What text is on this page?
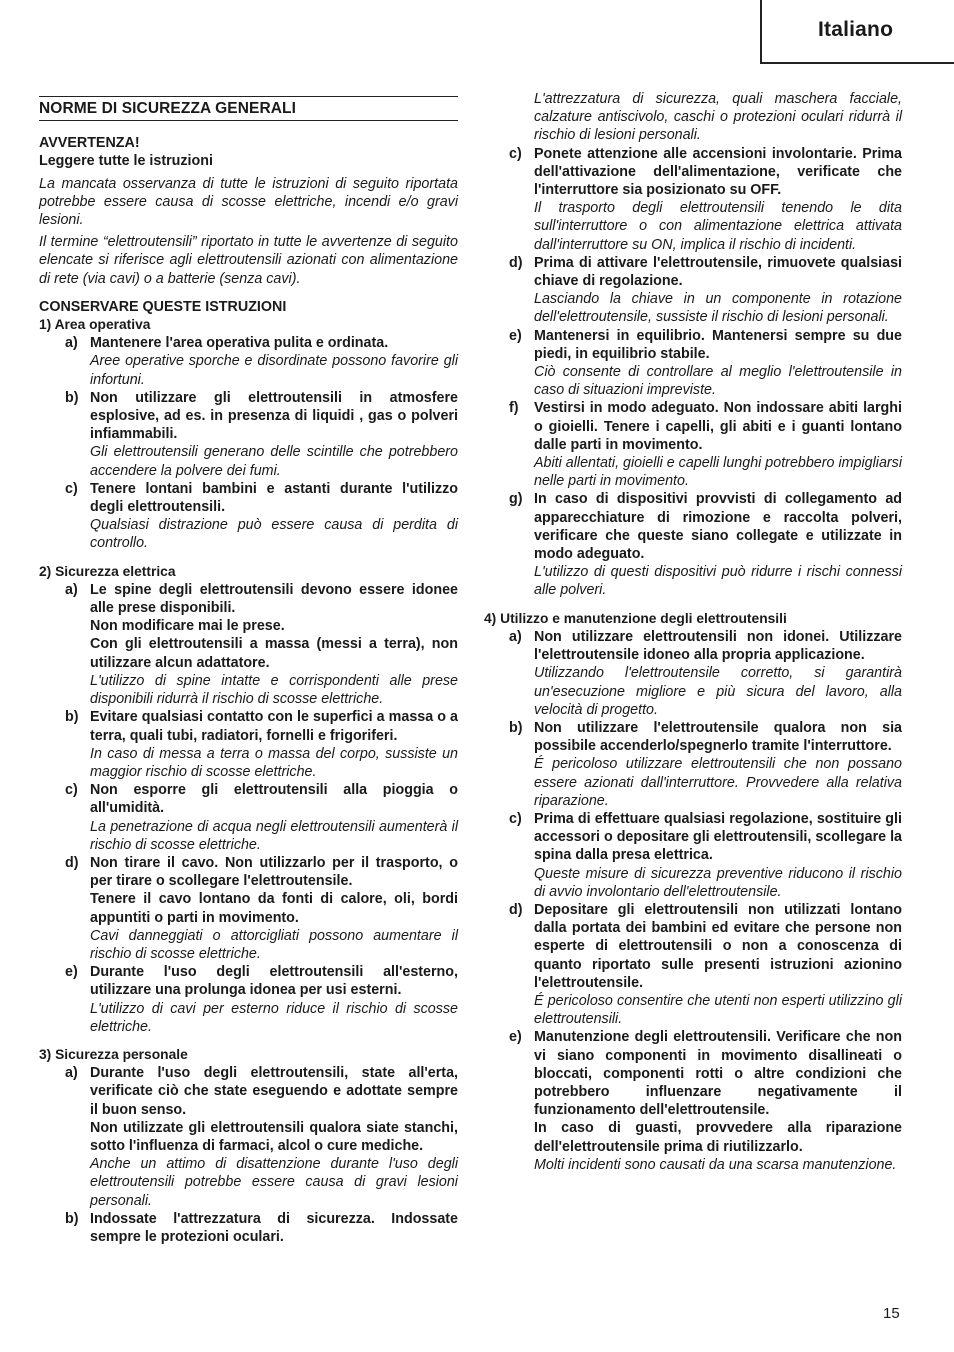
Italiano
NORME DI SICUREZZA GENERALI

AVVERTENZA!

Leggere tutte le istruzioni

La mancata osservanza di tutte le istruzioni di seguito riportata potrebbe essere causa di scosse elettriche, incendi e/o gravi lesioni.

Il termine “elettroutensili” riportato in tutte le avvertenze di seguito elencate si riferisce agli elettroutensili azionati con alimentazione di rete (via cavi) o a batterie (senza cavi).

CONSERVARE QUESTE ISTRUZIONI

1) Area operativa

a) Mantenere l'area operativa pulita e ordinata.

Aree operative sporche e disordinate possono favorire gli infortuni.

b) Non utilizzare gli elettroutensili in atmosfere esplosive, ad es. in presenza di liquidi , gas o polveri infiammabili.

Gli elettroutensili generano delle scintille che potrebbero accendere la polvere dei fumi.

c) Tenere lontani bambini e astanti durante l'utilizzo degli elettroutensili.

Qualsiasi distrazione può essere causa di perdita di controllo.

2) Sicurezza elettrica

a) Le spine degli elettroutensili devono essere idonee alle prese disponibili.

Non modificare mai le prese.

Con gli elettroutensili a massa (messi a terra), non utilizzare alcun adattatore.

L'utilizzo di spine intatte e corrispondenti alle prese disponibili ridurrà il rischio di scosse elettriche.

b) Evitare qualsiasi contatto con le superfici a massa o a terra, quali tubi, radiatori, fornelli e frigoriferi.

In caso di messa a terra o massa del corpo, sussiste un maggior rischio di scosse elettriche.

c) Non esporre gli elettroutensili alla pioggia o all'umidità.

La penetrazione di acqua negli elettroutensili aumenterà il rischio di scosse elettriche.

d) Non tirare il cavo. Non utilizzarlo per il trasporto, o per tirare o scollegare l'elettroutensile.

Tenere il cavo lontano da fonti di calore, oli, bordi appuntiti o parti in movimento.

Cavi danneggiati o attorcigliati possono aumentare il rischio di scosse elettriche.

e) Durante l'uso degli elettroutensili all'esterno, utilizzare una prolunga idonea per usi esterni.

L'utilizzo di cavi per esterno riduce il rischio di scosse elettriche.

3) Sicurezza personale

a) Durante l'uso degli elettroutensili, state all'erta, verificate ciò che state eseguendo e adottate sempre il buon senso.

Non utilizzate gli elettroutensili qualora siate stanchi, sotto l'influenza di farmaci, alcol o cure mediche.

Anche un attimo di disattenzione durante l'uso degli elettroutensili potrebbe essere causa di gravi lesioni personali.

b) Indossate l'attrezzatura di sicurezza. Indossate sempre le protezioni oculari.

L'attrezzatura di sicurezza, quali maschera facciale, calzature antiscivolo, caschi o protezioni oculari ridurrà il rischio di lesioni personali.

c) Ponete attenzione alle accensioni involontarie. Prima dell'attivazione dell'alimentazione, verificate che l'interruttore sia posizionato su OFF.

Il trasporto degli elettroutensili tenendo le dita sull'interruttore o con alimentazione elettrica attivata dall'interruttore su ON, implica il rischio di incidenti.

d) Prima di attivare l'elettroutensile, rimuovete qualsiasi chiave di regolazione.

Lasciando la chiave in un componente in rotazione dell'elettroutensile, sussiste il rischio di lesioni personali.

e) Mantenersi in equilibrio. Mantenersi sempre su due piedi, in equilibrio stabile.

Ciò consente di controllare al meglio l'elettroutensile in caso di situazioni impreviste.

f)	Vestirsi in modo adeguato. Non indossare abiti larghi o gioielli. Tenere i capelli, gli abiti e i guanti lontano dalle parti in movimento.

Abiti allentati, gioielli e capelli lunghi potrebbero impigliarsi nelle parti in movimento.

g) In caso di dispositivi provvisti di collegamento ad apparecchiature di rimozione e raccolta polveri, verificare che queste siano collegate e utilizzate in modo adeguato.

L'utilizzo di questi dispositivi può ridurre i rischi connessi alle polveri.

4) Utilizzo e manutenzione degli elettroutensili

a) Non utilizzare elettroutensili non idonei. Utilizzare l'elettroutensile idoneo alla propria applicazione.

Utilizzando l'elettroutensile corretto, si garantirà un'esecuzione migliore e più sicura del lavoro, alla velocità di progetto.

b) Non utilizzare l'elettroutensile qualora non sia possibile accenderlo/spegnerlo tramite l'interruttore.

É pericoloso utilizzare elettroutensili che non possano essere azionati dall'interruttore. Provvedere alla relativa riparazione.

c) Prima di effettuare qualsiasi regolazione, sostituire gli accessori o depositare gli elettroutensili, scollegare la spina dalla presa elettrica.

Queste misure di sicurezza preventive riducono il rischio di avvio involontario dell'elettroutensile.

d) Depositare gli elettroutensili non utilizzati lontano dalla portata dei bambini ed evitare che persone non esperte di elettroutensili o non a conoscenza di quanto riportato sulle presenti istruzioni azionino l'elettroutensile.

É pericoloso consentire che utenti non esperti utilizzino gli elettroutensili.

e) Manutenzione degli elettroutensili. Verificare che non vi siano componenti in movimento disallineati o bloccati, componenti rotti o altre condizioni che potrebbero influenzare negativamente il funzionamento dell'elettroutensile.

In caso di guasti, provvedere alla riparazione dell'elettroutensile prima di riutilizzarlo.

Molti incidenti sono causati da una scarsa manutenzione.

15
